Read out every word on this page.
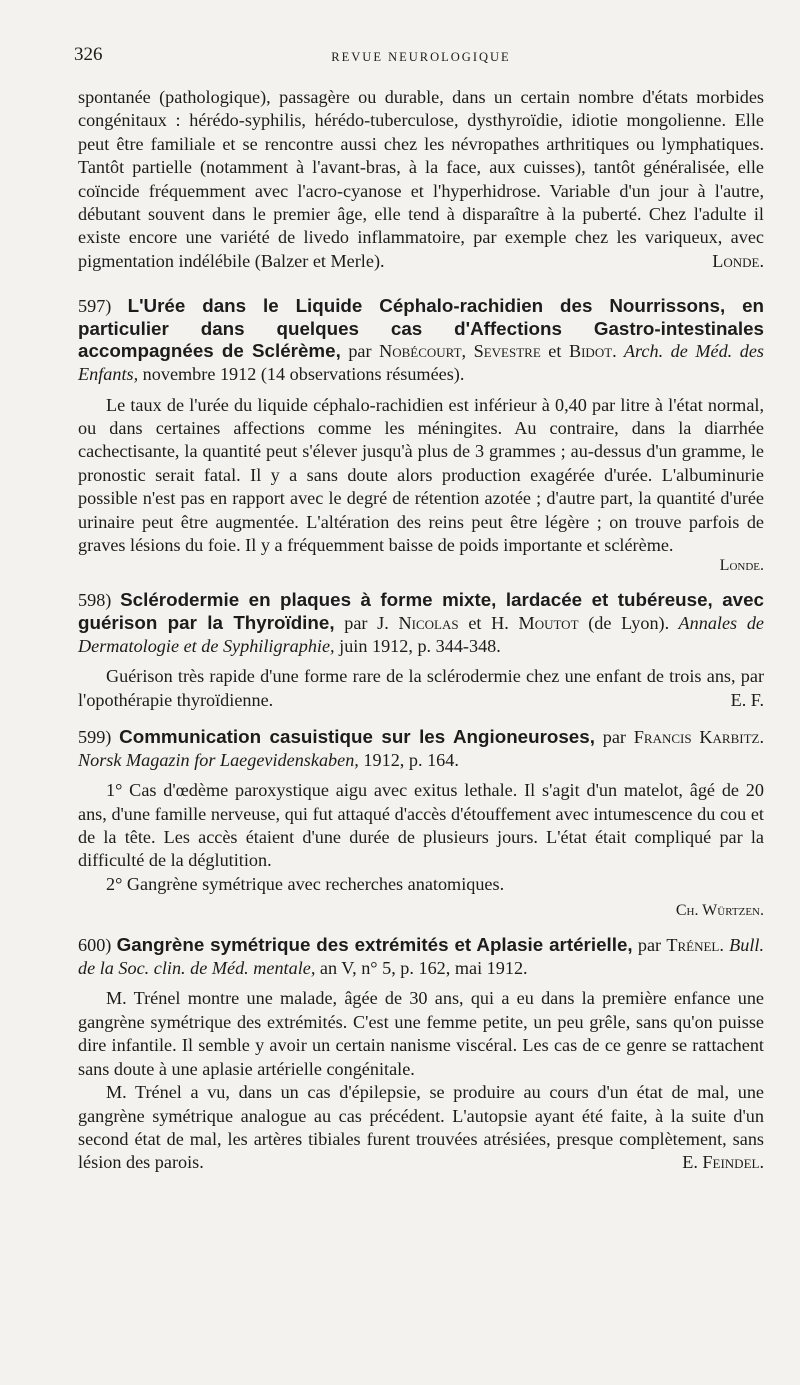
326	REVUE NEUROLOGIQUE

spontanée (pathologique), passagère ou durable, dans un certain nombre d'états morbides congénitaux : hérédo-syphilis, hérédo-tuberculose, dysthyroïdie, idiotie mongolienne. Elle peut être familiale et se rencontre aussi chez les névropathes arthritiques ou lymphatiques. Tantôt partielle (notamment à l'avant-bras, à la face, aux cuisses), tantôt généralisée, elle coïncide fréquemment avec l'acro-cyanose et l'hyperhidrose. Variable d'un jour à l'autre, débutant souvent dans le premier âge, elle tend à disparaître à la puberté. Chez l'adulte il existe encore une variété de livedo inflammatoire, par exemple chez les variqueux, avec pigmentation indélébile (Balzer et Merle).	Londe.

597) L'Urée dans le Liquide Céphalo-rachidien des Nourrissons, en particulier dans quelques cas d'Affections Gastro-intestinales accompagnées de Sclérème, par Nobécourt, Sevestre et Bidot. Arch. de Méd. des Enfants, novembre 1912 (14 observations résumées).

Le taux de l'urée du liquide céphalo-rachidien est inférieur à 0,40 par litre à l'état normal, ou dans certaines affections comme les méningites. Au contraire, dans la diarrhée cachectisante, la quantité peut s'élever jusqu'à plus de 3 grammes ; au-dessus d'un gramme, le pronostic serait fatal. Il y a sans doute alors production exagérée d'urée. L'albuminurie possible n'est pas en rapport avec le degré de rétention azotée ; d'autre part, la quantité d'urée urinaire peut être augmentée. L'altération des reins peut être légère ; on trouve parfois de graves lésions du foie. Il y a fréquemment baisse de poids importante et sclérème.

Londe.

598) Sclérodermie en plaques à forme mixte, lardacée et tubéreuse, avec guérison par la Thyroïdine, par J. Nicolas et H. Moutot (de Lyon). Annales de Dermatologie et de Syphiligraphie, juin 1912, p. 344-348.

Guérison très rapide d'une forme rare de la sclérodermie chez une enfant de trois ans, par l'opothérapie thyroïdienne.	E. F.

599) Communication casuistique sur les Angioneuroses, par Francis Karbitz. Norsk Magazin for Laegevidenskaben, 1912, p. 164.

1° Cas d'œdème paroxystique aigu avec exitus lethale. Il s'agit d'un matelot, âgé de 20 ans, d'une famille nerveuse, qui fut attaqué d'accès d'étouffement avec intumescence du cou et de la tête. Les accès étaient d'une durée de plusieurs jours. L'état était compliqué par la difficulté de la déglutition.

2° Gangrène symétrique avec recherches anatomiques.

Ch. Würtzen.

600) Gangrène symétrique des extrémités et Aplasie artérielle, par Trénel. Bull. de la Soc. clin. de Méd. mentale, an V, n° 5, p. 162, mai 1912.

M. Trénel montre une malade, âgée de 30 ans, qui a eu dans la première enfance une gangrène symétrique des extrémités. C'est une femme petite, un peu grêle, sans qu'on puisse dire infantile. Il semble y avoir un certain nanisme viscéral. Les cas de ce genre se rattachent sans doute à une aplasie artérielle congénitale.

M. Trénel a vu, dans un cas d'épilepsie, se produire au cours d'un état de mal, une gangrène symétrique analogue au cas précédent. L'autopsie ayant été faite, à la suite d'un second état de mal, les artères tibiales furent trouvées atrésiées, presque complètement, sans lésion des parois.	E. Feindel.
